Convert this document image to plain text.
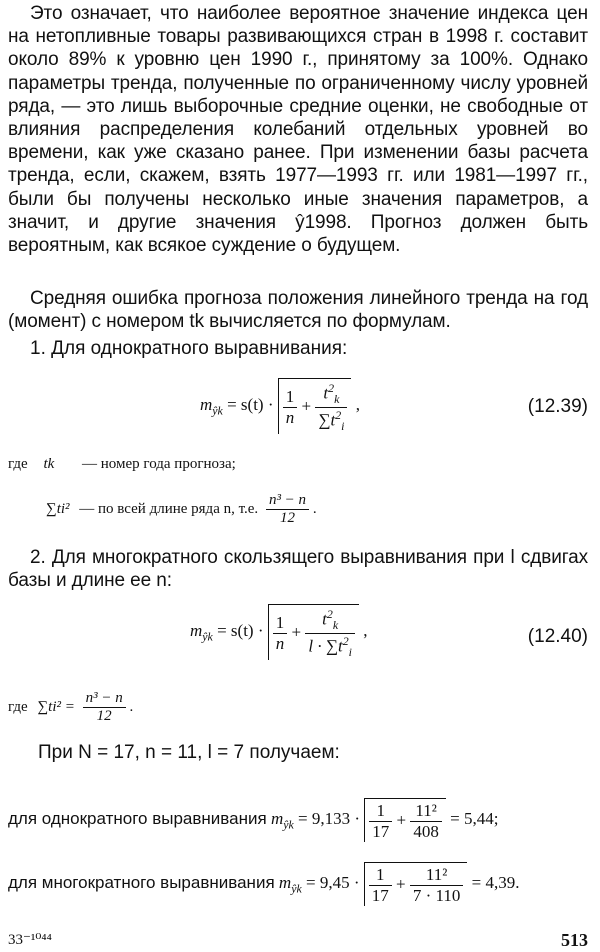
Это означает, что наиболее вероятное значение индекса цен на нетопливные товары развивающихся стран в 1998 г. составит около 89% к уровню цен 1990 г., принятому за 100%. Однако параметры тренда, полученные по ограниченному числу уровней ряда, — это лишь выборочные средние оценки, не свободные от влияния распределения колебаний отдельных уровней во времени, как уже сказано ранее. При изменении базы расчета тренда, если, скажем, взять 1977—1993 гг. или 1981—1997 гг., были бы получены несколько иные значения параметров, а значит, и другие значения ŷ1998. Прогноз должен быть вероятным, как всякое суждение о будущем.
Средняя ошибка прогноза положения линейного тренда на год (момент) с номером tk вычисляется по формулам.
1. Для однократного выравнивания:
$m_{ŷk} = s(t) \cdot \frac{1}{n} + \frac{t^2_k}{\sum t^2_i}$ ,	(12.39)
где tk — номер года прогноза;
∑ti² — по всей длине ряда n, т.е. $\frac{\text{n³ − n}}{12}$ .
2. Для многократного скользящего выравнивания при l сдвигах базы и длине ее n:
$m_{ŷk} = s(t) \cdot \frac{1}{n} + \frac{t^2_k}{l \cdot \sum t^2_i}$ ,	(12.40)
где $\sum ti^2 = \frac{\text{n³ − n}}{12}$ .
При N = 17, n = 11, l = 7 получаем:
для однократного выравнивания $m_{ŷk} = 9,133 \cdot \frac{1}{17} + \frac{\text{11²}}{408} = 5,44$;
для многократного выравнивания $m_{ŷk} = 9,45 \cdot \frac{1}{17} + \frac{\text{11²}}{7 \cdot 110} = 4,39$.
33⁻¹⁰⁴⁴	513
